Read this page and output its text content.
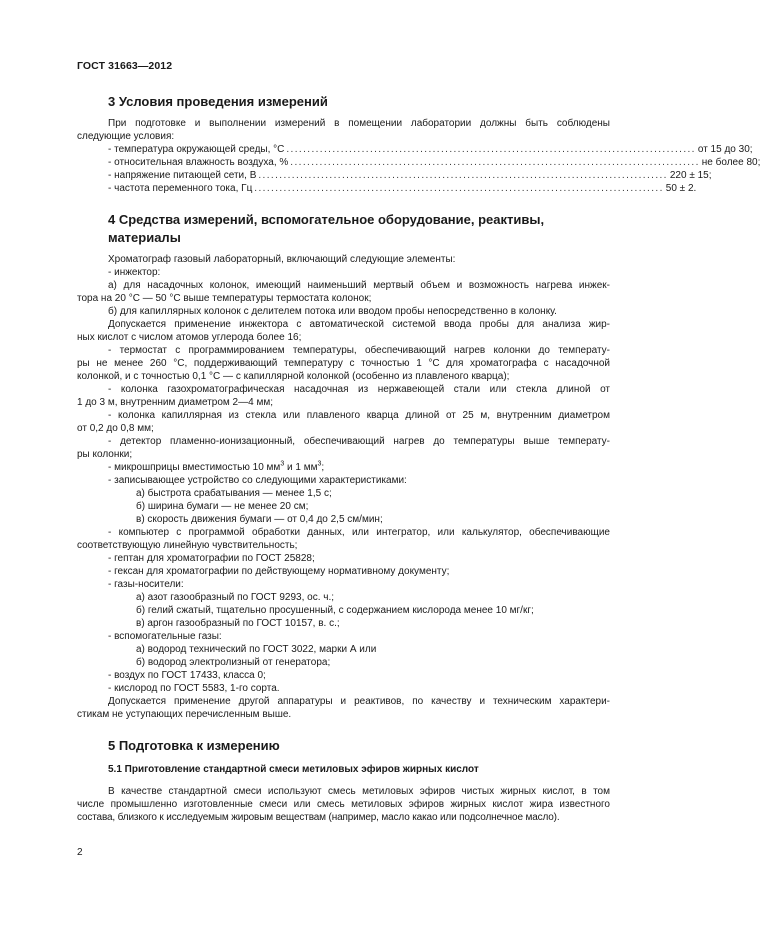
ГОСТ 31663—2012
3 Условия проведения измерений
При подготовке и выполнении измерений в помещении лаборатории должны быть соблюдены
следующие условия:
- температура окружающей среды, °С .................................................................................................. от 15 до 30;
- относительная влажность воздуха, % .................................................................................................. не более 80;
- напряжение питающей сети, В .................................................................................................. 220 ± 15;
- частота переменного тока, Гц .................................................................................................. 50 ± 2.
4 Средства измерений, вспомогательное оборудование, реактивы,
материалы
Хроматограф газовый лабораторный, включающий следующие элементы:
- инжектор:
а) для насадочных колонок, имеющий наименьший мертвый объем и возможность нагрева инжек-
тора на 20 °С — 50 °С выше температуры термостата колонок;
б) для капиллярных колонок с делителем потока или вводом пробы непосредственно в колонку.
Допускается применение инжектора с автоматической системой ввода пробы для анализа жир-
ных кислот с числом атомов углерода более 16;
- термостат с программированием температуры, обеспечивающий нагрев колонки до температу-
ры не менее 260 °С, поддерживающий температуру с точностью 1 °С для хроматографа с насадочной
колонкой, и с точностью 0,1 °С — с капиллярной колонкой (особенно из плавленого кварца);
- колонка газохроматографическая насадочная из нержавеющей стали или стекла длиной от
1 до 3 м, внутренним диаметром 2—4 мм;
- колонка капиллярная из стекла или плавленого кварца длиной от 25 м, внутренним диаметром
от 0,2 до 0,8 мм;
- детектор пламенно-ионизационный, обеспечивающий нагрев до температуры выше температу-
ры колонки;
- микрошприцы вместимостью 10 $мм^3$ и 1 $мм^3$;
- записывающее устройство со следующими характеристиками:
а) быстрота срабатывания — менее 1,5 с;
б) ширина бумаги — не менее 20 см;
в) скорость движения бумаги — от 0,4 до 2,5 см/мин;
- компьютер с программой обработки данных, или интегратор, или калькулятор, обеспечивающие
соответствующую линейную чувствительность;
- гептан для хроматографии по ГОСТ 25828;
- гексан для хроматографии по действующему нормативному документу;
- газы-носители:
а) азот газообразный по ГОСТ 9293, ос. ч.;
б) гелий сжатый, тщательно просушенный, с содержанием кислорода менее 10 мг/кг;
в) аргон газообразный по ГОСТ 10157, в. с.;
- вспомогательные газы:
а) водород технический по ГОСТ 3022, марки А или
б) водород электролизный от генератора;
- воздух по ГОСТ 17433, класса 0;
- кислород по ГОСТ 5583, 1-го сорта.
Допускается применение другой аппаратуры и реактивов, по качеству и техническим характери-
стикам не уступающих перечисленным выше.
5 Подготовка к измерению
5.1 Приготовление стандартной смеси метиловых эфиров жирных кислот
В качестве стандартной смеси используют смесь метиловых эфиров чистых жирных кислот, в том
числе промышленно изготовленные смеси или смесь метиловых эфиров жирных кислот жира известного
состава, близкого к исследуемым жировым веществам (например, масло какао или подсолнечное масло).
2
